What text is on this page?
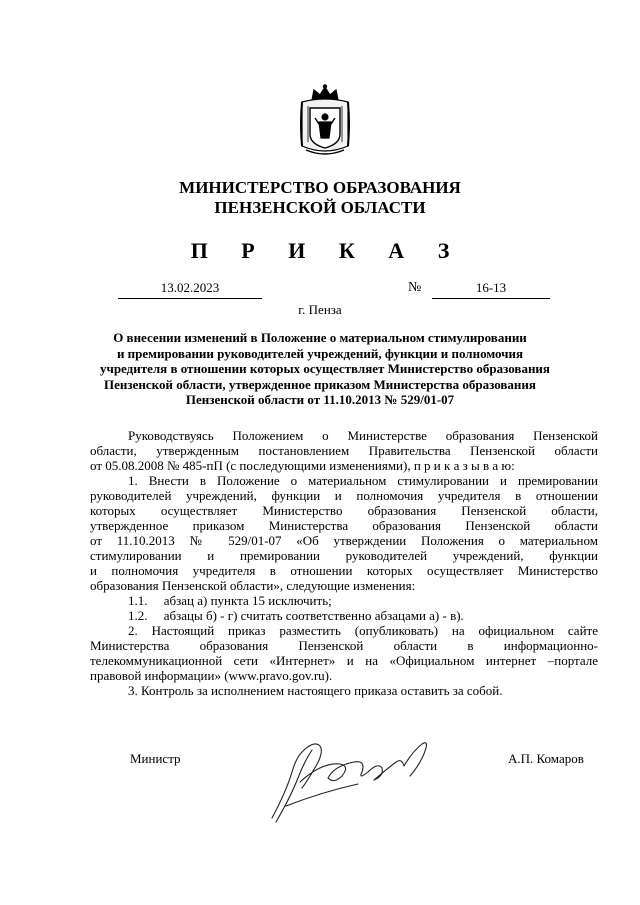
МИНИСТЕРСТВО ОБРАЗОВАНИЯ
ПЕНЗЕНСКОЙ ОБЛАСТИ
П Р И К А З
13.02.2023	№	16-13
г. Пенза
О внесении изменений в Положение о материальном стимулировании
и премировании руководителей учреждений, функции и полномочия
учредителя в отношении которых осуществляет Министерство образования
Пензенской области, утвержденное приказом Министерства образования
Пензенской области от 11.10.2013 № 529/01-07
Руководствуясь Положением о Министерстве образования Пензенской
области, утвержденным постановлением Правительства Пензенской области
от 05.08.2008 № 485-пП (с последующими изменениями), п р и к а з ы в а ю:
1. Внести в Положение о материальном стимулировании и премировании
руководителей учреждений, функции и полномочия учредителя в отношении
которых осуществляет Министерство образования Пензенской области,
утвержденное приказом Министерства образования Пензенской области
от 11.10.2013 № 529/01-07 «Об утверждении Положения о материальном
стимулировании и премировании руководителей учреждений, функции
и полномочия учредителя в отношении которых осуществляет Министерство
образования Пензенской области», следующие изменения:
1.1.     абзац а) пункта 15 исключить;
1.2.     абзацы б) - г) считать соответственно абзацами а) - в).
2. Настоящий приказ разместить (опубликовать) на официальном сайте
Министерства образования Пензенской области в информационно-
телекоммуникационной сети «Интернет» и на «Официальном интернет –портале
правовой информации» (www.pravo.gov.ru).
3. Контроль за исполнением настоящего приказа оставить за собой.
Министр	А.П. Комаров
